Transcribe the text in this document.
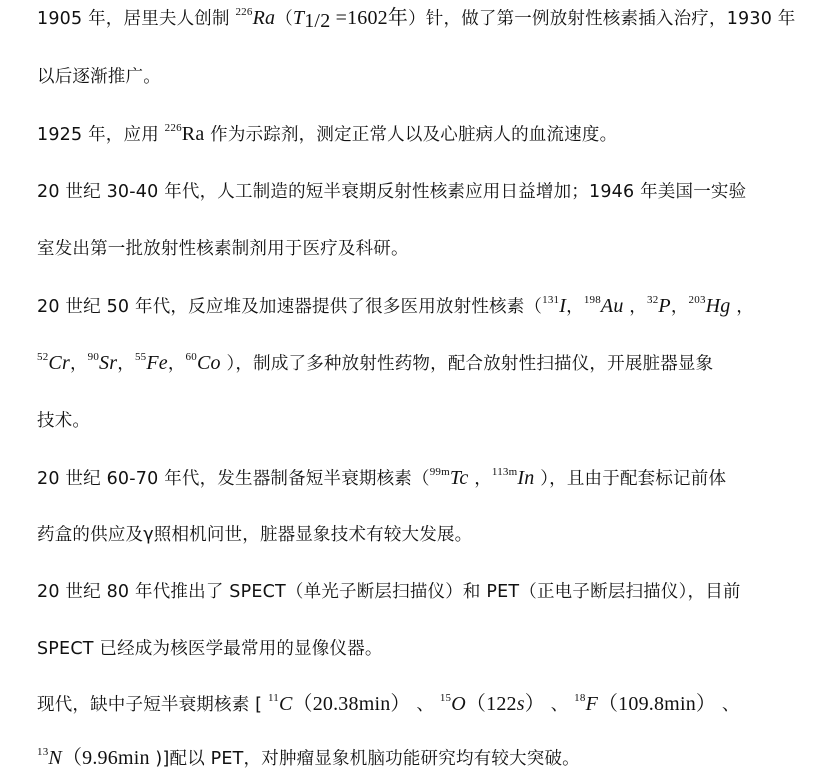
1905 年，居里夫人创制 $^{226}Ra(T_{1/2} =1602$年）针，做了第一例放射性核素插入治疗，1930 年
以后逐渐推广。
1925 年，应用 $^{226}$Ra 作为示踪剂，测定正常人以及心脏病人的血流速度。
20 世纪 30-40 年代，人工制造的短半衰期反射性核素应用日益增加；1946 年美国一实验
室发出第一批放射性核素制剂用于医疗及科研。
20 世纪 50 年代，反应堆及加速器提供了很多医用放射性核素（$^{131}$I，$^{198}$Au ，$^{32}$P，$^{203}$Hg ，
$^{52}$Cr，$^{90}$Sr，$^{55}$Fe，$^{60}$Co ），制成了多种放射性药物，配合放射性扫描仪，开展脏器显象
技术。
20 世纪 60-70 年代，发生器制备短半衰期核素（$^{99m}$Tc ，$^{113m}$In ），且由于配套标记前体
药盒的供应及γ照相机问世，脏器显象技术有较大发展。
20 世纪 80 年代推出了 SPECT（单光子断层扫描仪）和 PET（正电子断层扫描仪），目前
SPECT 已经成为核医学最常用的显像仪器。
现代，缺中子短半衰期核素 [ $^{11}$C（20.38min） 、 $^{15}$O（122s） 、 $^{18}$F（109.8min） 、
$^{13}$N（9.96min )]配以 PET，对肿瘤显象机脑功能研究均有较大突破。
